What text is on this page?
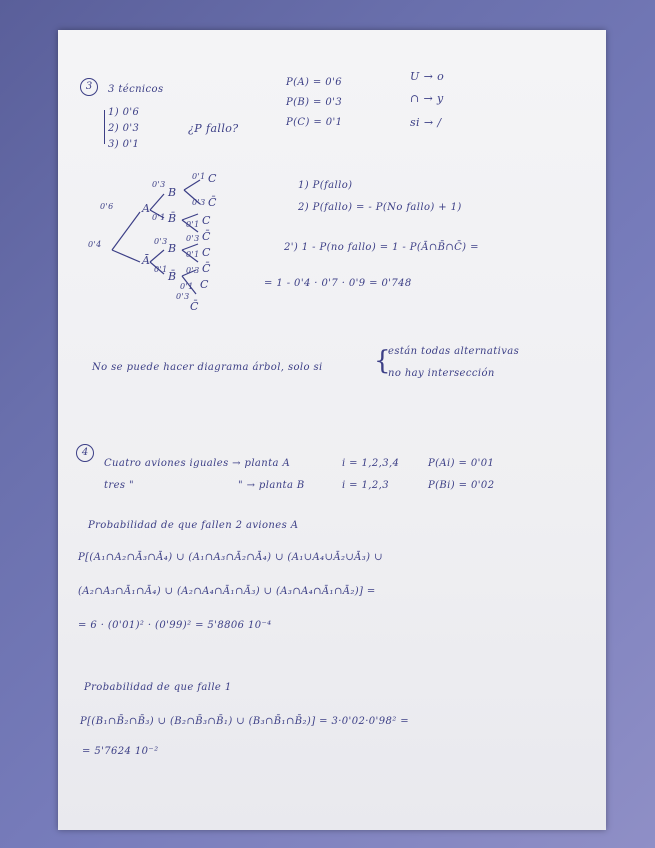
3	3 técnicos
1) 0'6
2) 0'3
3) 0'1
¿P fallo?
P(A) = 0'6
P(B) = 0'3
P(C) = 0'1
U → o
∩ → y
si → /
A
Ā
0'6
0'4
B
B̄
B
B̄
0'3
0'1
0'3
0'1
C
C̄
C
C̄
C
C̄
C
C̄
0'1
0'3
0'1
0'3
0'1
0'3
0'1
0'3
1) P(fallo)
2) P(fallo) = - P(No fallo) + 1)
2') 1 - P(no fallo) = 1 - P(Ā∩B̄∩C̄) =
= 1 - 0'4 · 0'7 · 0'9 = 0'748
No se puede hacer diagrama árbol, solo si {
están todas alternativas
no hay intersección
4
Cuatro aviones iguales → planta A	i = 1,2,3,4	P(Ai) = 0'01
tres "	" → planta B	i = 1,2,3	P(Bi) = 0'02
Probabilidad de que fallen 2 aviones A
P[(A₁∩A₂∩Ā₃∩Ā₄) ∪ (A₁∩A₃∩Ā₂∩Ā₄) ∪ (A₁∪A₄∪Ā₂∪Ā₃) ∪
(A₂∩A₃∩Ā₁∩Ā₄) ∪ (A₂∩A₄∩Ā₁∩Ā₃) ∪ (A₃∩A₄∩Ā₁∩Ā₂)] =
= 6 · (0'01)² · (0'99)² = 5'8806 10⁻⁴
Probabilidad de que falle 1
P[(B₁∩B̄₂∩B̄₃) ∪ (B₂∩B̄₃∩B̄₁) ∪ (B₃∩B̄₁∩B̄₂)] = 3·0'02·0'98² =
= 5'7624 10⁻²
